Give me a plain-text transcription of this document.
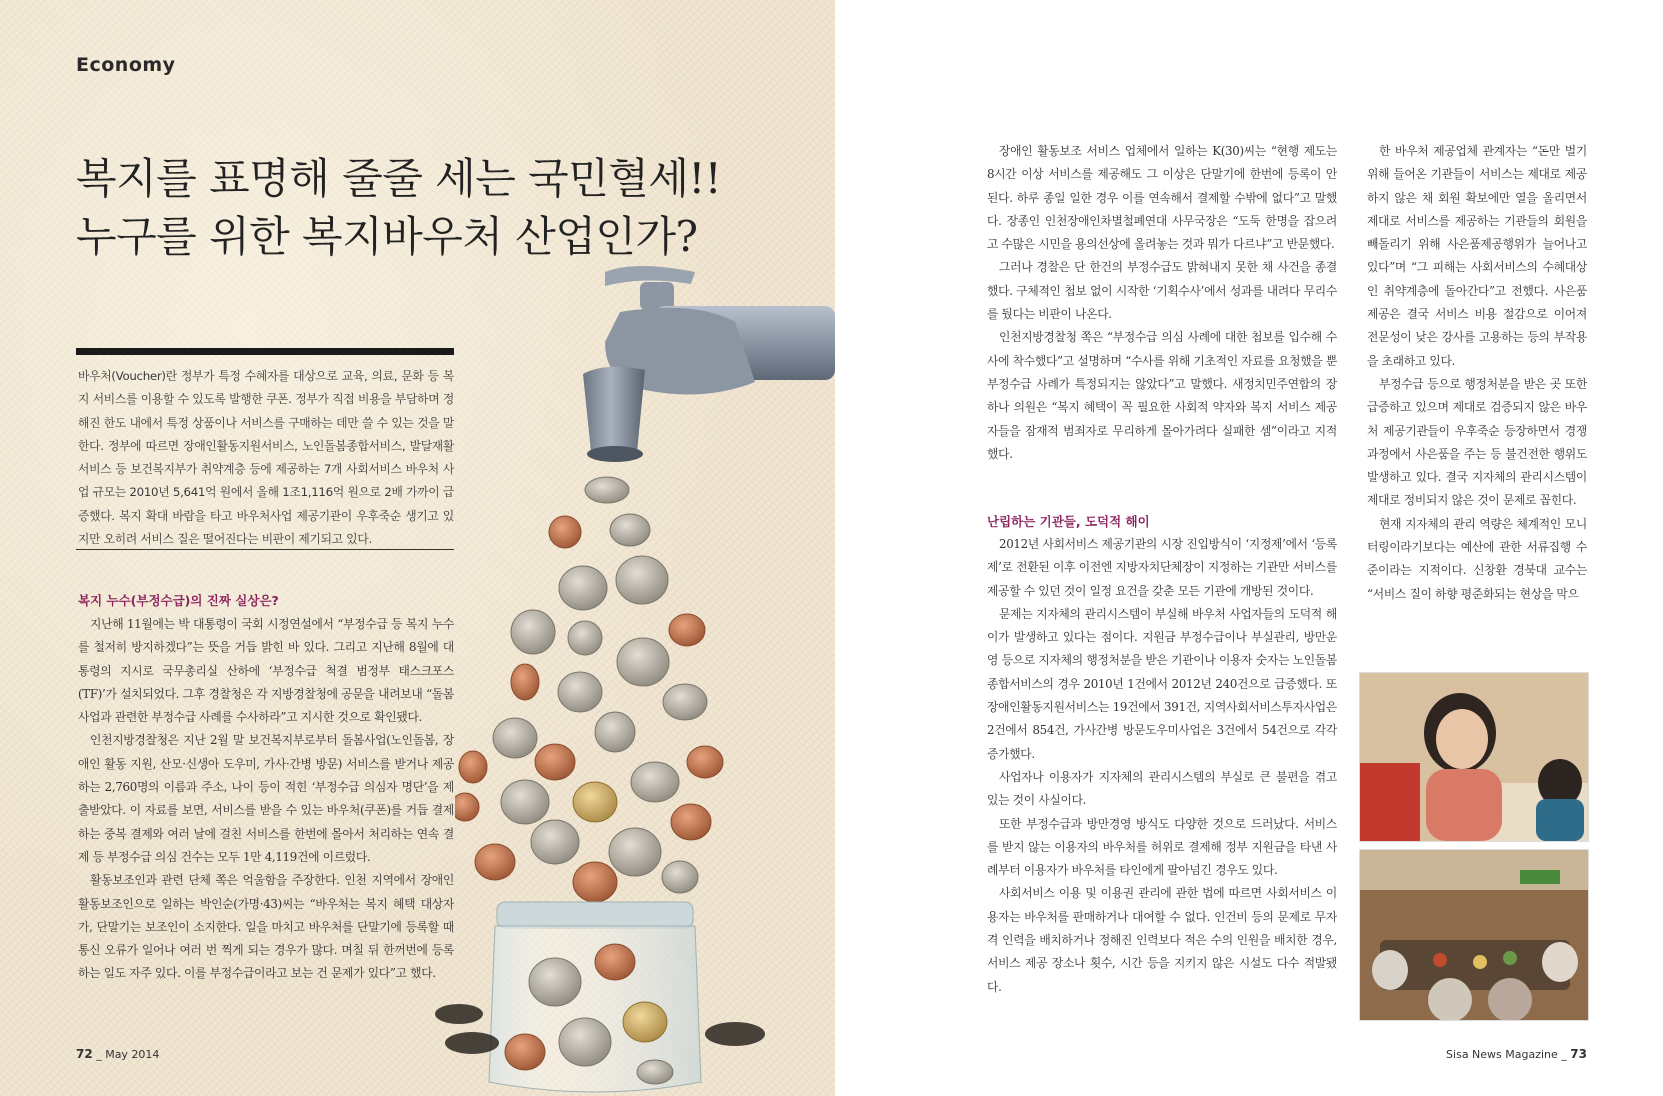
Economy
복지를 표명해 줄줄 세는 국민혈세!!
누구를 위한 복지바우처 산업인가?

바우처(Voucher)란 정부가 특정 수혜자를 대상으로 교육, 의료, 문화 등 복지 서비스를 이용할 수 있도록 발행한 쿠폰. 정부가 직접 비용을 부담하며 정해진 한도 내에서 특정 상품이나 서비스를 구매하는 데만 쓸 수 있는 것을 말한다. 정부에 따르면 장애인활동지원서비스, 노인돌봄종합서비스, 발달재활서비스 등 보건복지부가 취약계층 등에 제공하는 7개 사회서비스 바우처 사업 규모는 2010년 5,641억 원에서 올해 1조1,116억 원으로 2배 가까이 급증했다. 복지 확대 바람을 타고 바우처사업 제공기관이 우후죽순 생기고 있지만 오히려 서비스 질은 떨어진다는 비판이 제기되고 있다.

복지 누수(부정수급)의 진짜 실상은?

지난해 11월에는 박 대통령이 국회 시정연설에서 “부정수급 등 복지 누수를 철저히 방지하겠다”는 뜻을 거듭 밝힌 바 있다. 그리고 지난해 8월에 대통령의 지시로 국무총리실 산하에 ‘부정수급 척결 범정부 태스크포스(TF)’가 설치되었다. 그후 경찰청은 각 지방경찰청에 공문을 내려보내 “돌봄사업과 관련한 부정수급 사례를 수사하라”고 지시한 것으로 확인됐다.

인천지방경찰청은 지난 2월 말 보건복지부로부터 돌봄사업(노인돌봄, 장애인 활동 지원, 산모·신생아 도우미, 가사·간병 방문) 서비스를 받거나 제공하는 2,760명의 이름과 주소, 나이 등이 적힌 ‘부정수급 의심자 명단’을 제출받았다. 이 자료를 보면, 서비스를 받을 수 있는 바우처(쿠폰)를 거듭 결제하는 중복 결제와 여러 날에 걸친 서비스를 한번에 몰아서 처리하는 연속 결제 등 부정수급 의심 건수는 모두 1만 4,119건에 이르렀다.

활동보조인과 관련 단체 쪽은 억울함을 주장한다. 인천 지역에서 장애인 활동보조인으로 일하는 박인순(가명·43)씨는 “바우처는 복지 혜택 대상자가, 단말기는 보조인이 소지한다. 일을 마치고 바우처를 단말기에 등록할 때 통신 오류가 일어나 여러 번 찍게 되는 경우가 많다. 며칠 뒤 한꺼번에 등록하는 일도 자주 있다. 이를 부정수급이라고 보는 건 문제가 있다”고 했다.

72 _ May 2014

장애인 활동보조 서비스 업체에서 일하는 K(30)씨는 “현행 제도는 8시간 이상 서비스를 제공해도 그 이상은 단말기에 한번에 등록이 안 된다. 하루 종일 일한 경우 이를 연속해서 결제할 수밖에 없다”고 말했다. 장종인 인천장애인차별철폐연대 사무국장은 “도둑 한명을 잡으려고 수많은 시민을 용의선상에 올려놓는 것과 뭐가 다르냐”고 반문했다.

그러나 경찰은 단 한건의 부정수급도 밝혀내지 못한 채 사건을 종결했다. 구체적인 첩보 없이 시작한 ‘기획수사’에서 성과를 내려다 무리수를 뒀다는 비판이 나온다.

인천지방경찰청 쪽은 “부정수급 의심 사례에 대한 첩보를 입수해 수사에 착수했다”고 설명하며 “수사를 위해 기초적인 자료를 요청했을 뿐 부정수급 사례가 특정되지는 않았다”고 말했다. 새정치민주연합의 장하나 의원은 “복지 혜택이 꼭 필요한 사회적 약자와 복지 서비스 제공자들을 잠재적 범죄자로 무리하게 몰아가려다 실패한 셈”이라고 지적했다.

난립하는 기관들, 도덕적 해이

2012년 사회서비스 제공기관의 시장 진입방식이 ‘지정제’에서 ‘등록제’로 전환된 이후 이전엔 지방자치단체장이 지정하는 기관만 서비스를 제공할 수 있던 것이 일정 요건을 갖춘 모든 기관에 개방된 것이다.

문제는 지자체의 관리시스템이 부실해 바우처 사업자들의 도덕적 해이가 발생하고 있다는 점이다. 지원금 부정수급이나 부실관리, 방만운영 등으로 지자체의 행정처분을 받은 기관이나 이용자 숫자는 노인돌봄 종합서비스의 경우 2010년 1건에서 2012년 240건으로 급증했다. 또 장애인활동지원서비스는 19건에서 391건, 지역사회서비스투자사업은 2건에서 854건, 가사간병 방문도우미사업은 3건에서 54건으로 각각 증가했다.

사업자나 이용자가 지자체의 관리시스템의 부실로 큰 불편을 겪고 있는 것이 사실이다.

또한 부정수급과 방만경영 방식도 다양한 것으로 드러났다. 서비스를 받지 않는 이용자의 바우처를 허위로 결제해 정부 지원금을 타낸 사례부터 이용자가 바우처를 타인에게 팔아넘긴 경우도 있다.

사회서비스 이용 및 이용권 관리에 관한 법에 따르면 사회서비스 이용자는 바우처를 판매하거나 대여할 수 없다. 인건비 등의 문제로 무자격 인력을 배치하거나 정해진 인력보다 적은 수의 인원을 배치한 경우, 서비스 제공 장소나 횟수, 시간 등을 지키지 않은 시설도 다수 적발됐다.

한 바우처 제공업체 관계자는 “돈만 벌기 위해 들어온 기관들이 서비스는 제대로 제공하지 않은 채 회원 확보에만 열을 올리면서 제대로 서비스를 제공하는 기관들의 회원을 빼돌리기 위해 사은품제공행위가 늘어나고 있다”며 “그 피해는 사회서비스의 수혜대상인 취약계층에 돌아간다”고 전했다. 사은품 제공은 결국 서비스 비용 절감으로 이어져 전문성이 낮은 강사를 고용하는 등의 부작용을 초래하고 있다.

부정수급 등으로 행정처분을 받은 곳 또한 급증하고 있으며 제대로 검증되지 않은 바우처 제공기관들이 우후죽순 등장하면서 경쟁 과정에서 사은품을 주는 등 불건전한 행위도 발생하고 있다. 결국 지자체의 관리시스템이 제대로 정비되지 않은 것이 문제로 꼽힌다.

현재 지자체의 관리 역량은 체계적인 모니터링이라기보다는 예산에 관한 서류집행 수준이라는 지적이다. 신창환 경북대 교수는 “서비스 질이 하향 평준화되는 현상을 막으

Sisa News Magazine _ 73
